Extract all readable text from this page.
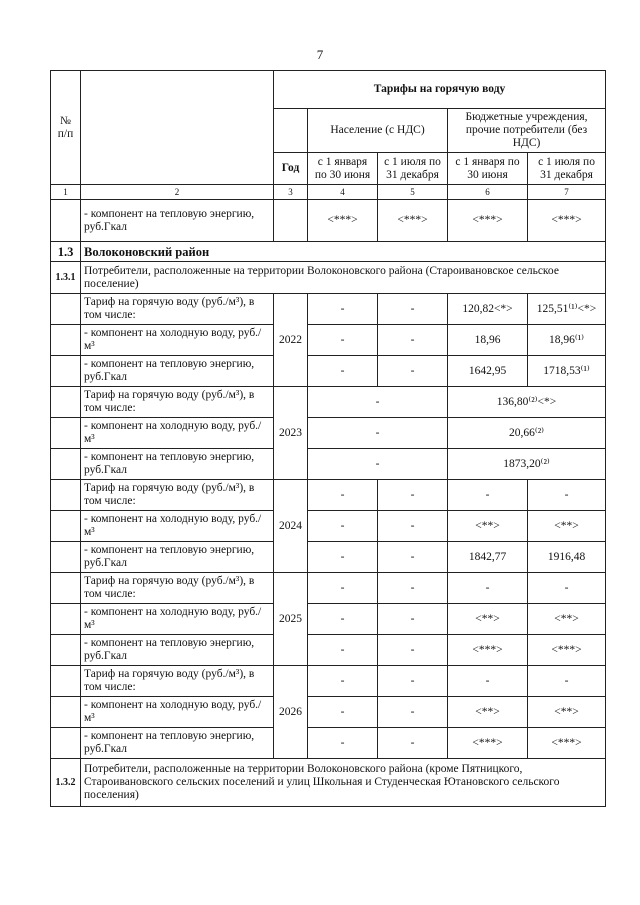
7
№ п/п		Тарифы на горячую воду				
			Население (с НДС)		Бюджетные учреждения, прочие потребители (без НДС)	
		Год	с 1 января по 30 июня	с 1 июля по 31 декабря	с 1 января по 30 июня	с 1 июля по 31 декабря
1	2	3	4	5	6	7
	- компонент на тепловую энергию, руб.Гкал		<***>	<***>	<***>	<***>
1.3	Волоконовский район					
1.3.1	Потребители, расположенные на территории Волоконовского района (Староивановское сельское поселение)					
	Тариф на горячую воду (руб./м³), в том числе:	2022	-	-	120,82<*>	125,51⁽¹⁾<*>
	- компонент на холодную воду, руб./м³		-	-	18,96	18,96⁽¹⁾
	- компонент на тепловую энергию, руб.Гкал		-	-	1642,95	1718,53⁽¹⁾
	Тариф на горячую воду (руб./м³), в том числе:	2023	-		136,80⁽²⁾<*>	
	- компонент на холодную воду, руб./м³		-		20,66⁽²⁾	
	- компонент на тепловую энергию, руб.Гкал		-		1873,20⁽²⁾	
	Тариф на горячую воду (руб./м³), в том числе:	2024	-	-	-	-
	- компонент на холодную воду, руб./м³		-	-	<**>	<**>
	- компонент на тепловую энергию, руб.Гкал		-	-	1842,77	1916,48
	Тариф на горячую воду (руб./м³), в том числе:	2025	-	-	-	-
	- компонент на холодную воду, руб./м³		-	-	<**>	<**>
	- компонент на тепловую энергию, руб.Гкал		-	-	<***>	<***>
	Тариф на горячую воду (руб./м³), в том числе:	2026	-	-	-	-
	- компонент на холодную воду, руб./м³		-	-	<**>	<**>
	- компонент на тепловую энергию, руб.Гкал		-	-	<***>	<***>
1.3.2	Потребители, расположенные на территории Волоконовского района (кроме Пятницкого, Староивановского сельских поселений и улиц Школьная и Студенческая Ютановского сельского поселения)					
